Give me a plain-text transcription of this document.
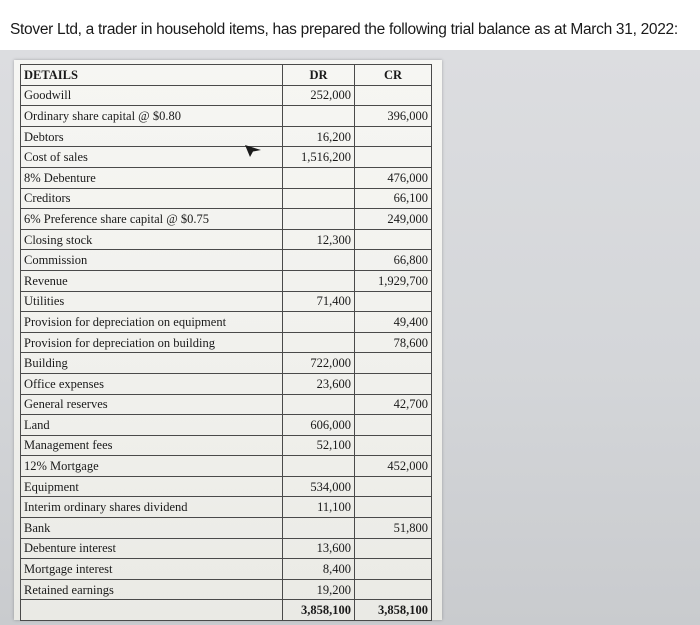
Stover Ltd, a trader in household items, has prepared the following trial balance as at March 31, 2022:
DETAILS	DR	CR
Goodwill	252,000	
Ordinary share capital @ $0.80		396,000
Debtors	16,200	
Cost of sales	1,516,200	
8% Debenture		476,000
Creditors		66,100
6% Preference share capital @ $0.75		249,000
Closing stock	12,300	
Commission		66,800
Revenue		1,929,700
Utilities	71,400	
Provision for depreciation on equipment		49,400
Provision for depreciation on building		78,600
Building	722,000	
Office expenses	23,600	
General reserves		42,700
Land	606,000	
Management fees	52,100	
12% Mortgage		452,000
Equipment	534,000	
Interim ordinary shares dividend	11,100	
Bank		51,800
Debenture interest	13,600	
Mortgage interest	8,400	
Retained earnings	19,200	
	3,858,100	3,858,100
